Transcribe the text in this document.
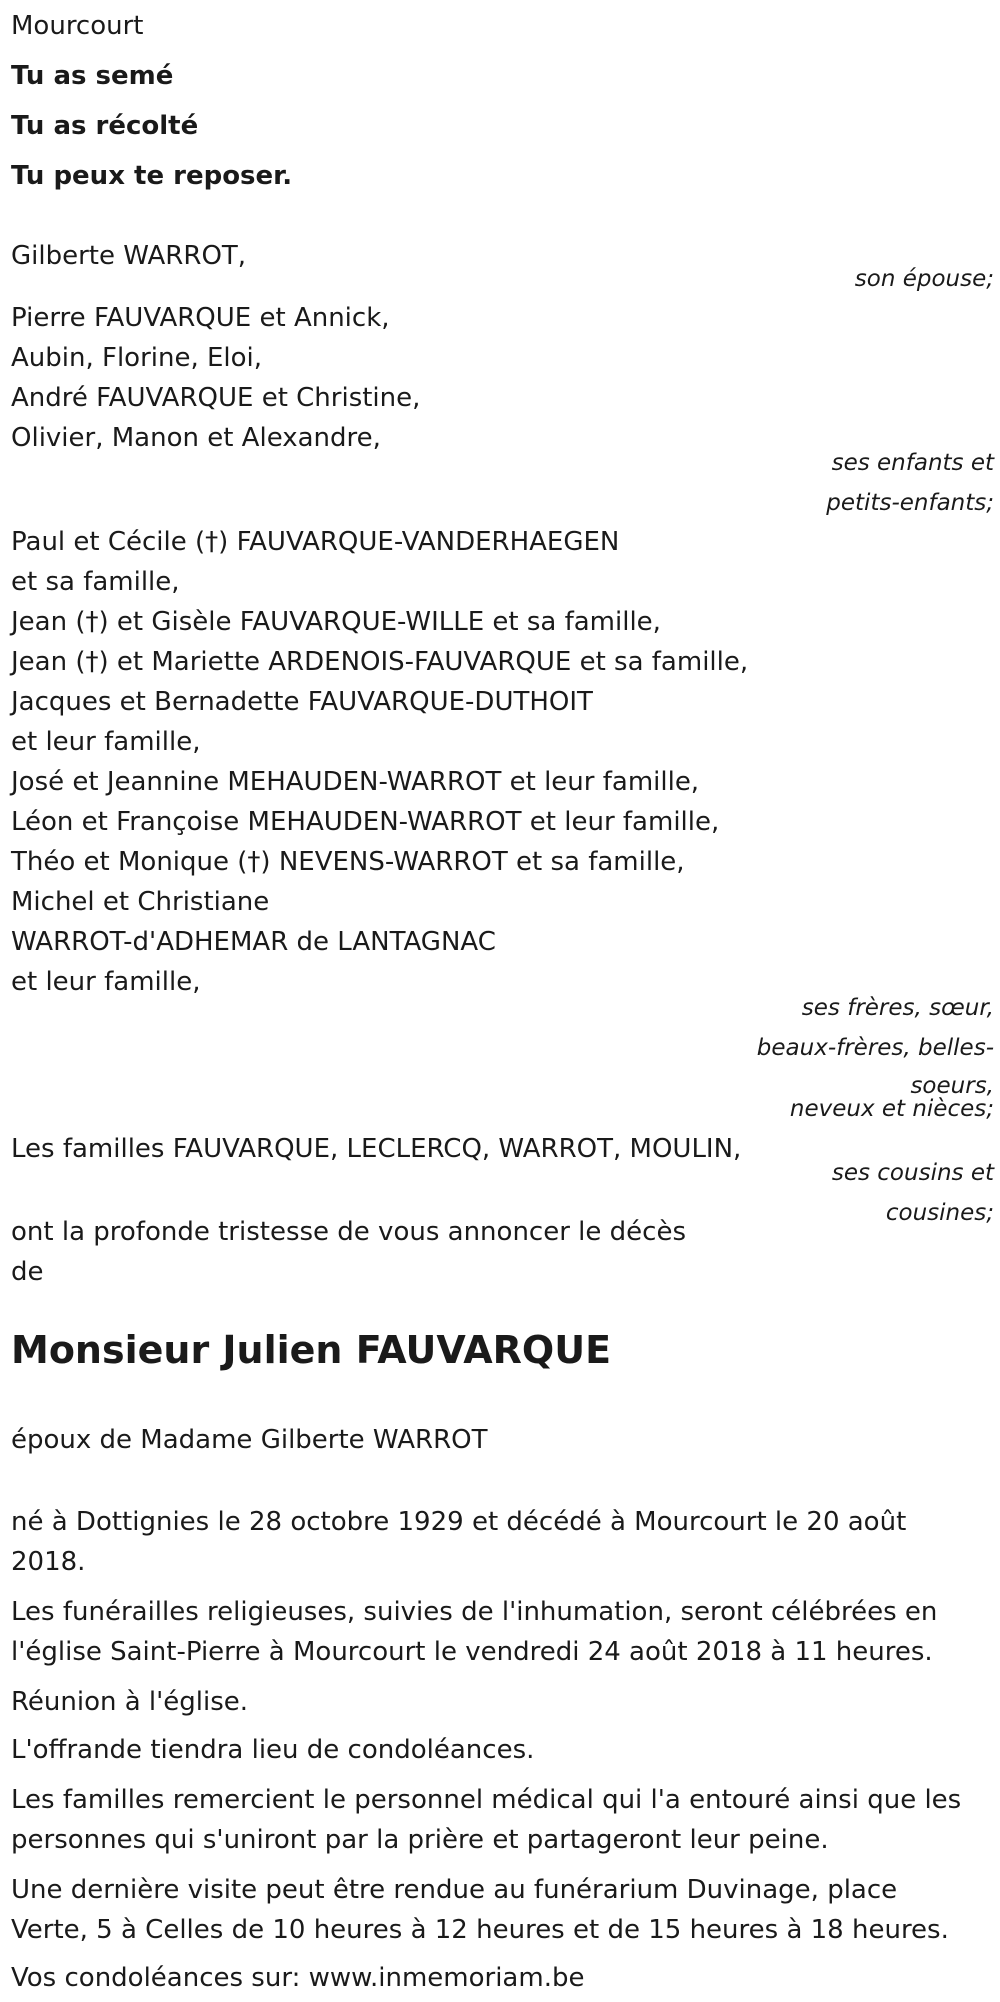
Mourcourt
Tu as semé
Tu as récolté
Tu peux te reposer.
Gilberte WARROT,
son épouse;
Pierre FAUVARQUE et Annick,
Aubin, Florine, Eloi,
André FAUVARQUE et Christine,
Olivier, Manon et Alexandre,
ses enfants et
petits-enfants;
Paul et Cécile (†) FAUVARQUE-VANDERHAEGEN
et sa famille,
Jean (†) et Gisèle FAUVARQUE-WILLE et sa famille,
Jean (†) et Mariette ARDENOIS-FAUVARQUE et sa famille,
Jacques et Bernadette FAUVARQUE-DUTHOIT
et leur famille,
José et Jeannine MEHAUDEN-WARROT et leur famille,
Léon et Françoise MEHAUDEN-WARROT et leur famille,
Théo et Monique (†) NEVENS-WARROT et sa famille,
Michel et Christiane
WARROT-d'ADHEMAR de LANTAGNAC
et leur famille,
ses frères, sœur,
beaux-frères, belles-
soeurs,
neveux et nièces;
Les familles FAUVARQUE, LECLERCQ, WARROT, MOULIN,
ses cousins et
cousines;
ont la profonde tristesse de vous annoncer le décès
de
Monsieur Julien FAUVARQUE
époux de Madame Gilberte WARROT
né à Dottignies le 28 octobre 1929 et décédé à Mourcourt le 20 août
2018.
Les funérailles religieuses, suivies de l'inhumation, seront célébrées en
l'église Saint-Pierre à Mourcourt le vendredi 24 août 2018 à 11 heures.
Réunion à l'église.
L'offrande tiendra lieu de condoléances.
Les familles remercient le personnel médical qui l'a entouré ainsi que les
personnes qui s'uniront par la prière et partageront leur peine.
Une dernière visite peut être rendue au funérarium Duvinage, place
Verte, 5 à Celles de 10 heures à 12 heures et de 15 heures à 18 heures.
Vos condoléances sur: www.inmemoriam.be
